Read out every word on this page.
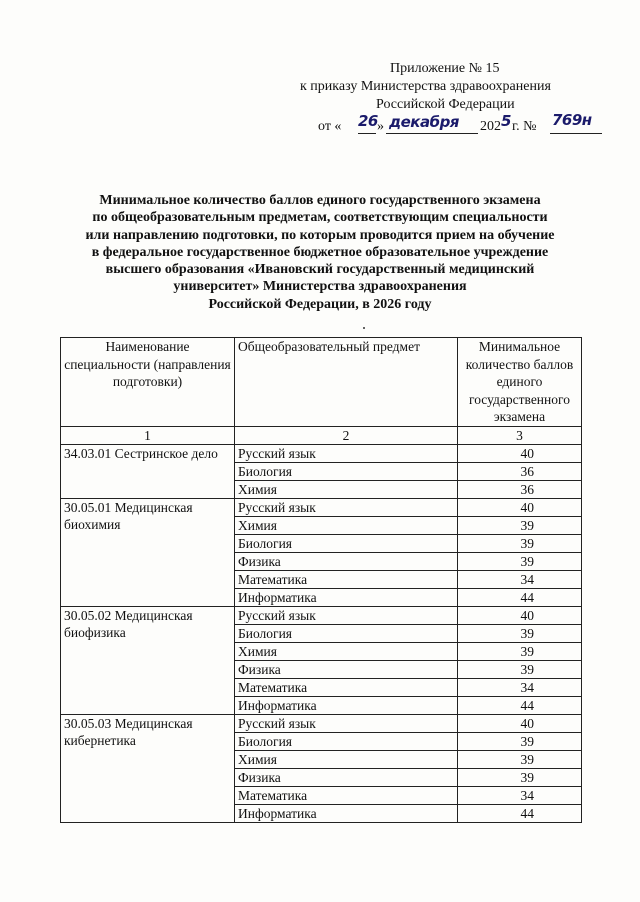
Приложение № 15
к приказу Министерства здравоохранения
Российской Федерации
от « 26 » декабря 202 5 г. № 769н
Минимальное количество баллов единого государственного экзамена
по общеобразовательным предметам, соответствующим специальности
или направлению подготовки, по которым проводится прием на обучение
в федеральное государственное бюджетное образовательное учреждение
высшего образования «Ивановский государственный медицинский
университет» Министерства здравоохранения
Российской Федерации, в 2026 году
Наименование специальности (направления подготовки)	Общеобразовательный предмет	Минимальное количество баллов единого государственного экзамена
1	2	3
34.03.01 Сестринское дело	Русский язык	40
	Биология	36
	Химия	36
30.05.01 Медицинская биохимия	Русский язык	40
	Химия	39
	Биология	39
	Физика	39
	Математика	34
	Информатика	44
30.05.02 Медицинская биофизика	Русский язык	40
	Биология	39
	Химия	39
	Физика	39
	Математика	34
	Информатика	44
30.05.03 Медицинская кибернетика	Русский язык	40
	Биология	39
	Химия	39
	Физика	39
	Математика	34
	Информатика	44
